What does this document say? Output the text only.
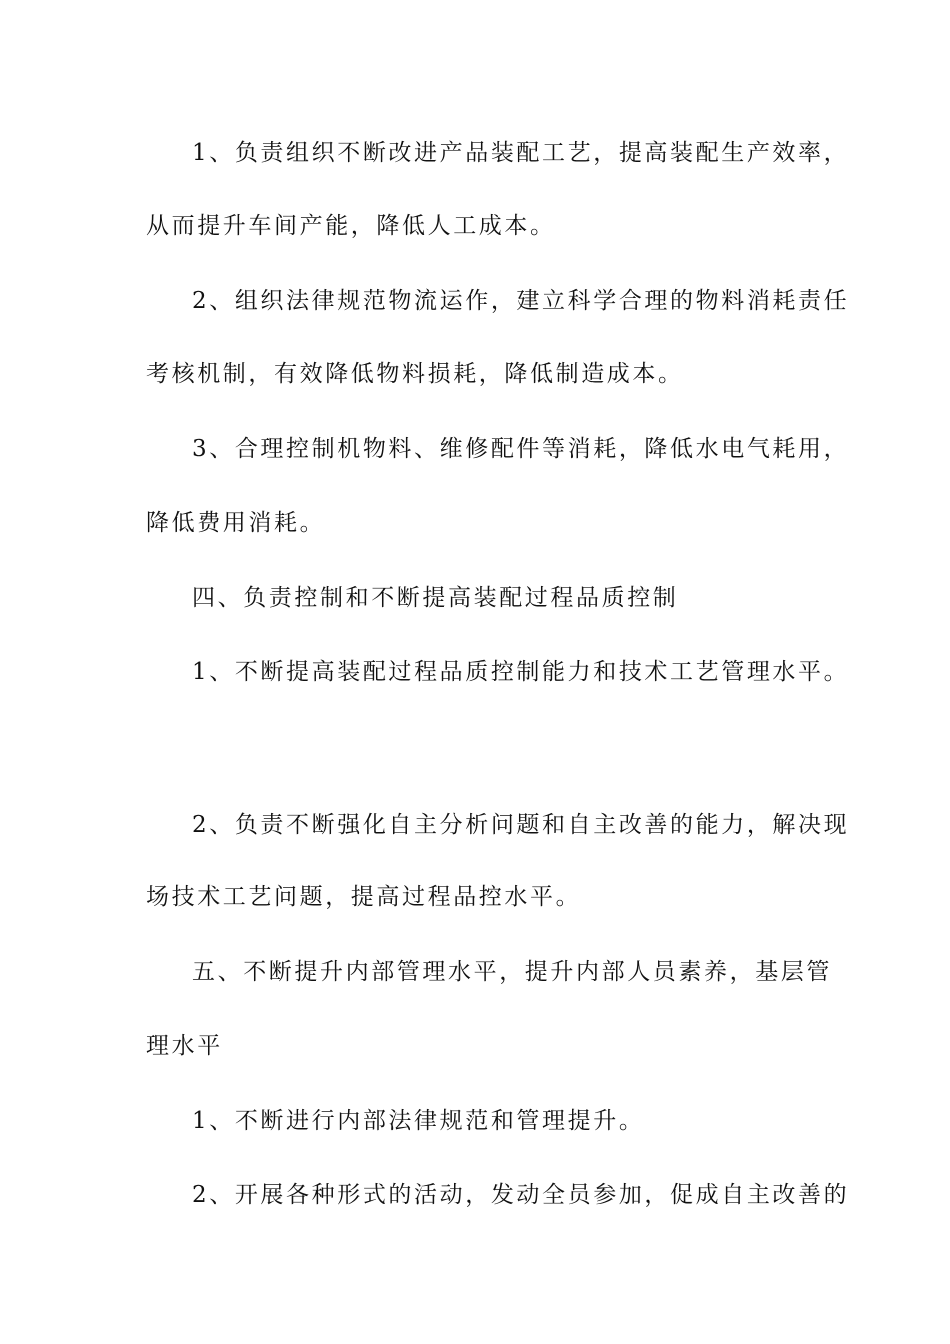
1、负责组织不断改进产品装配工艺，提高装配生产效率，

从而提升车间产能，降低人工成本。

2、组织法律规范物流运作，建立科学合理的物料消耗责任

考核机制，有效降低物料损耗，降低制造成本。

3、合理控制机物料、维修配件等消耗，降低水电气耗用，

降低费用消耗。

四、负责控制和不断提高装配过程品质控制

1、不断提高装配过程品质控制能力和技术工艺管理水平。

2、负责不断强化自主分析问题和自主改善的能力，解决现

场技术工艺问题，提高过程品控水平。

五、不断提升内部管理水平，提升内部人员素养，基层管

理水平

1、不断进行内部法律规范和管理提升。

2、开展各种形式的活动，发动全员参加，促成自主改善的
